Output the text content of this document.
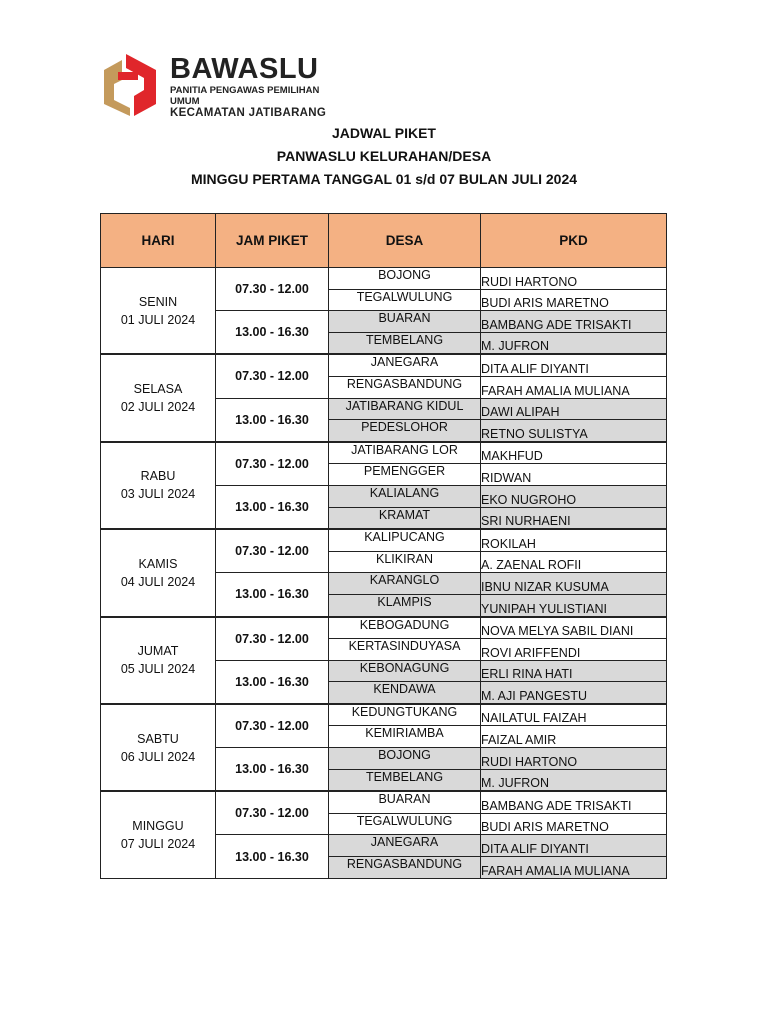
BAWASLU
PANITIA PENGAWAS PEMILIHAN UMUM
KECAMATAN JATIBARANG
JADWAL PIKET
PANWASLU KELURAHAN/DESA
MINGGU PERTAMA TANGGAL 01 s/d 07 BULAN JULI 2024
HARI	JAM PIKET	DESA	PKD

SENIN
01 JULI 2024	07.30 - 12.00	BOJONG	RUDI HARTONO
		TEGALWULUNG	BUDI ARIS MARETNO
	13.00 - 16.30	BUARAN	BAMBANG ADE TRISAKTI
		TEMBELANG	M. JUFRON

SELASA
02 JULI 2024	07.30 - 12.00	JANEGARA	DITA ALIF DIYANTI
		RENGASBANDUNG	FARAH AMALIA MULIANA
	13.00 - 16.30	JATIBARANG KIDUL	DAWI ALIPAH
		PEDESLOHOR	RETNO SULISTYA

RABU
03 JULI 2024	07.30 - 12.00	JATIBARANG LOR	MAKHFUD
		PEMENGGER	RIDWAN
	13.00 - 16.30	KALIALANG	EKO NUGROHO
		KRAMAT	SRI NURHAENI

KAMIS
04 JULI 2024	07.30 - 12.00	KALIPUCANG	ROKILAH
		KLIKIRAN	A. ZAENAL ROFII
	13.00 - 16.30	KARANGLO	IBNU NIZAR KUSUMA
		KLAMPIS	YUNIPAH YULISTIANI

JUMAT
05 JULI 2024	07.30 - 12.00	KEBOGADUNG	NOVA MELYA SABIL DIANI
		KERTASINDUYASA	ROVI ARIFFENDI
	13.00 - 16.30	KEBONAGUNG	ERLI RINA HATI
		KENDAWA	M. AJI PANGESTU

SABTU
06 JULI 2024	07.30 - 12.00	KEDUNGTUKANG	NAILATUL FAIZAH
		KEMIRIAMBA	FAIZAL AMIR
	13.00 - 16.30	BOJONG	RUDI HARTONO
		TEMBELANG	M. JUFRON

MINGGU
07 JULI 2024	07.30 - 12.00	BUARAN	BAMBANG ADE TRISAKTI
		TEGALWULUNG	BUDI ARIS MARETNO
	13.00 - 16.30	JANEGARA	DITA ALIF DIYANTI
		RENGASBANDUNG	FARAH AMALIA MULIANA
